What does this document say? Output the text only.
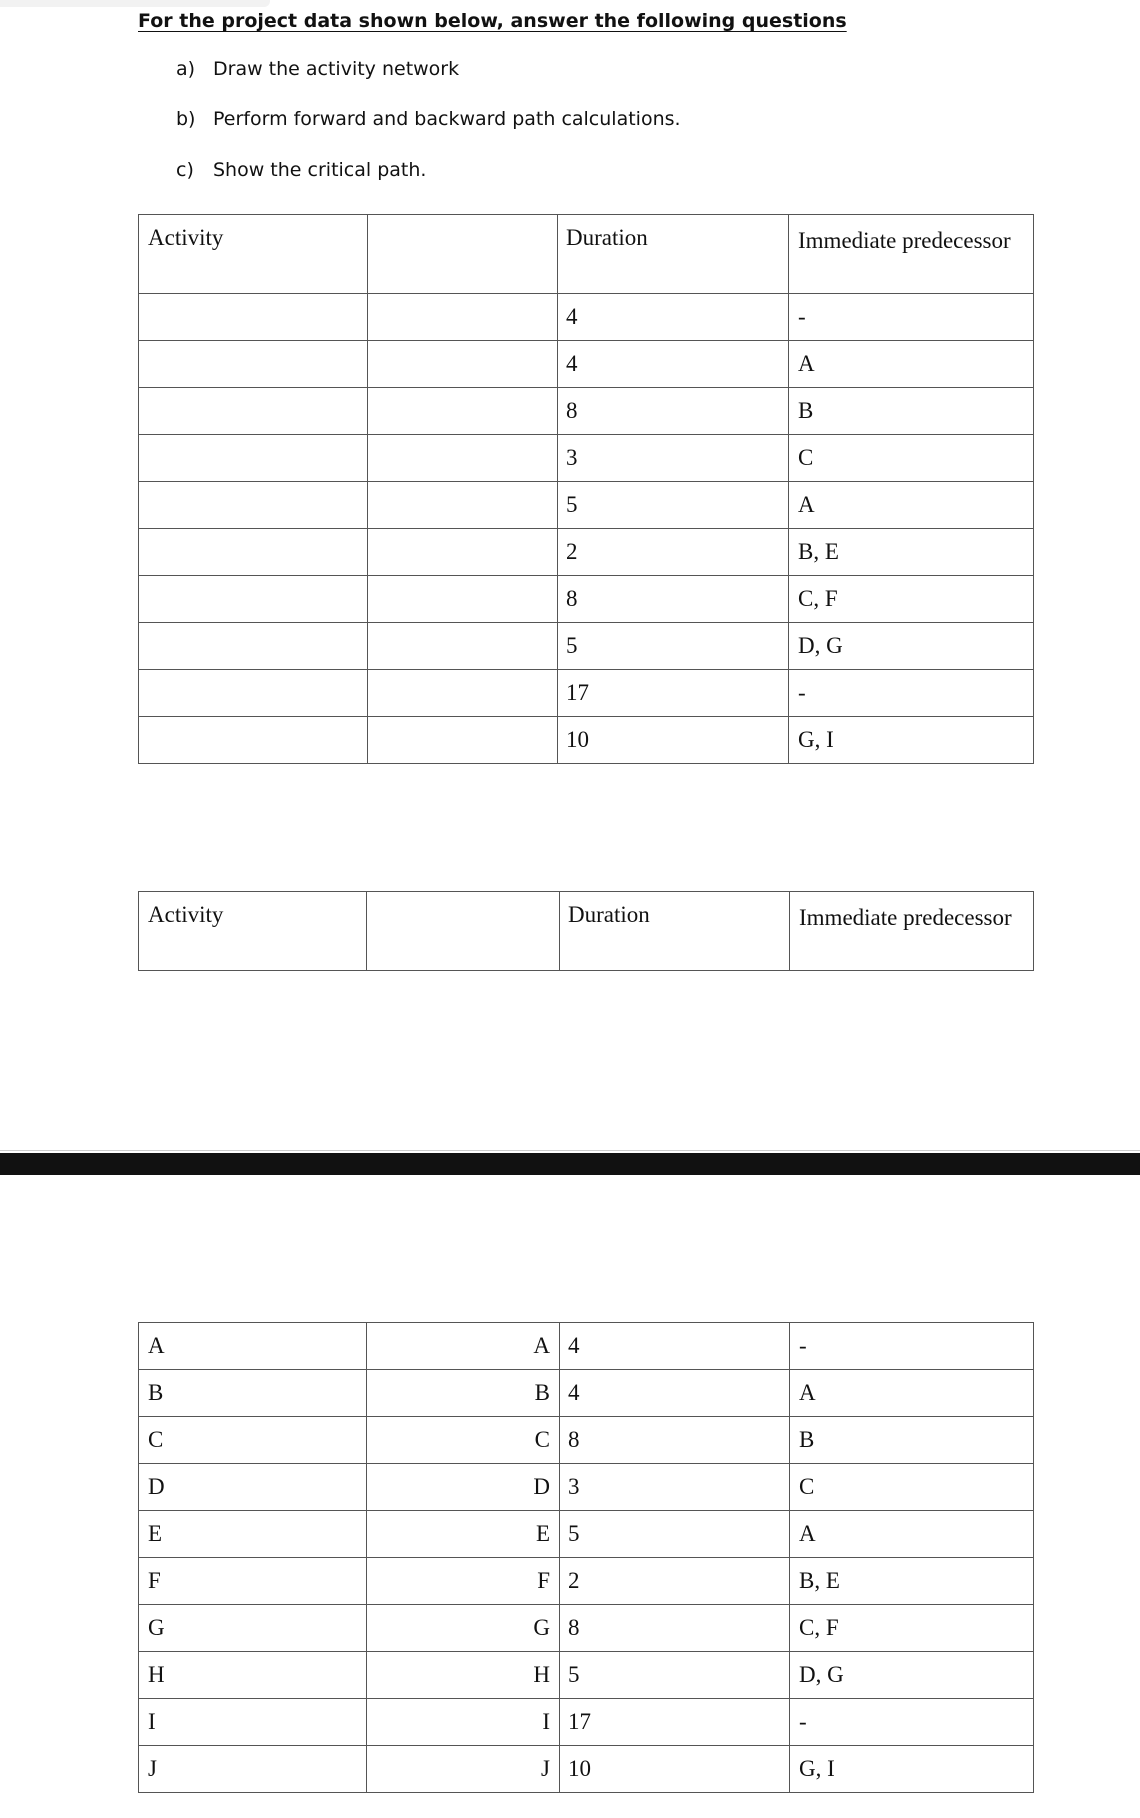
For the project data shown below, answer the following questions
a) Draw the activity network
b) Perform forward and backward path calculations.
c) Show the critical path.
Activity		Duration	Immediate predecessor
		4	-
		4	A
		8	B
		3	C
		5	A
		2	B, E
		8	C, F
		5	D, G
		17	-
		10	G, I
Activity		Duration	Immediate predecessor
A	A	4	-
B	B	4	A
C	C	8	B
D	D	3	C
E	E	5	A
F	F	2	B, E
G	G	8	C, F
H	H	5	D, G
I	I	17	-
J	J	10	G, I
